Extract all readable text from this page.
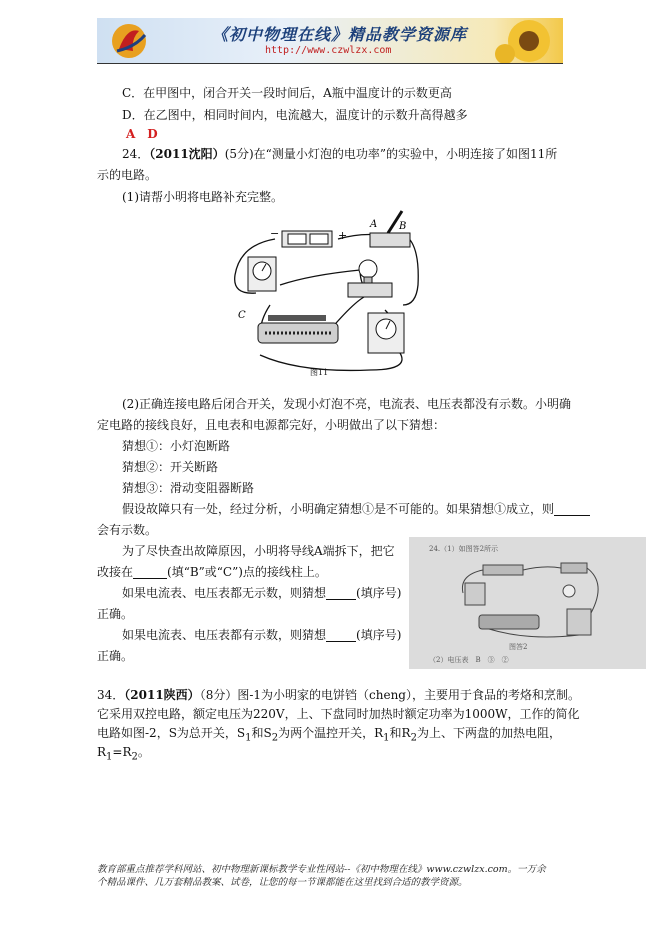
《初中物理在线》精品教学资源库
http://www.czwlzx.com
C．在甲图中，闭合开关一段时间后，A瓶中温度计的示数更高
D．在乙图中，相同时间内，电流越大，温度计的示数升高得越多
A　D
24．（2011沈阳）(5分)在“测量小灯泡的电功率”的实验中，小明连接了如图11所
示的电路。
(1)请帮小明将电路补充完整。
−	+
A B
C
图11
(2)正确连接电路后闭合开关，发现小灯泡不亮，电流表、电压表都没有示数。小明确
定电路的接线良好，且电表和电源都完好，小明做出了以下猜想：
猜想①：小灯泡断路
猜想②：开关断路
猜想③：滑动变阻器断路
假设故障只有一处，经过分析，小明确定猜想①是不可能的。如果猜想①成立，则
会有示数。
为了尽快查出故障原因，小明将导线A端拆下，把它
改接在	(填“B”或“C”)点的接线柱上。
如果电流表、电压表都无示数，则猜想	(填序号)
正确。
如果电流表、电压表都有示数，则猜想	(填序号)
正确。
24.（1）如图答2所示
图答2
（2）电压表　B　③　②
34．（2011陕西）（8分）图-1为小明家的电饼铛（cheng），主要用于食品的考烙和烹制。
它采用双控电路，额定电压为220V，上、下盘同时加热时额定功率为1000W，工作的简化
电路如图-2，S为总开关，$S_1$和$S_2$为两个温控开关，$R_1$和$R_2$为上、下两盘的加热电阻，
$R_1=R_2$。
教育部重点推荐学科网站、初中物理新课标教学专业性网站--《初中物理在线》www.czwlzx.com。一万余
个精品课件、几万套精品教案、试卷，让您的每一节课都能在这里找到合适的教学资源。
